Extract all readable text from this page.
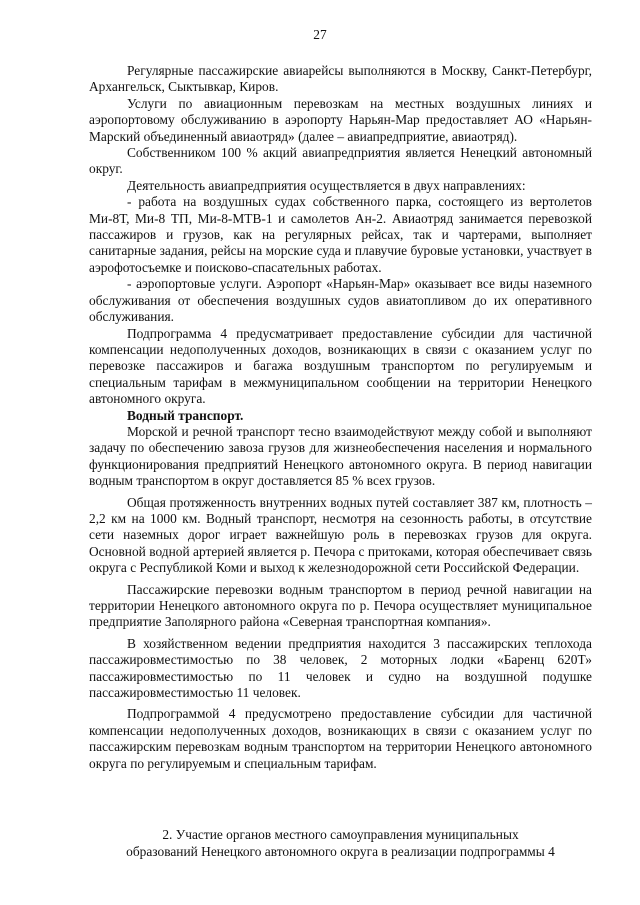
27

Регулярные пассажирские авиарейсы выполняются в Москву, Санкт-Петербург, Архангельск, Сыктывкар, Киров.

Услуги по авиационным перевозкам на местных воздушных линиях и аэропортовому обслуживанию в аэропорту Нарьян-Мар предоставляет АО «Нарьян-Марский объединенный авиаотряд» (далее – авиапредприятие, авиаотряд).

Собственником 100 % акций авиапредприятия является Ненецкий автономный округ.

Деятельность авиапредприятия осуществляется в двух направлениях:

- работа на воздушных судах собственного парка, состоящего из вертолетов Ми-8Т, Ми-8 ТП, Ми-8-МТВ-1 и самолетов Ан-2. Авиаотряд занимается перевозкой пассажиров и грузов, как на регулярных рейсах, так и чартерами, выполняет санитарные задания, рейсы на морские суда и плавучие буровые установки, участвует в аэрофотосъемке и поисково-спасательных работах.

- аэропортовые услуги. Аэропорт «Нарьян-Мар» оказывает все виды наземного обслуживания от обеспечения воздушных судов авиатопливом до их оперативного обслуживания.

Подпрограмма 4 предусматривает предоставление субсидии для частичной компенсации недополученных доходов, возникающих в связи с оказанием услуг по перевозке пассажиров и багажа воздушным транспортом по регулируемым и специальным тарифам в межмуниципальном сообщении на территории Ненецкого автономного округа.

Водный транспорт.

Морской и речной транспорт тесно взаимодействуют между собой и выполняют задачу по обеспечению завоза грузов для жизнеобеспечения населения и нормального функционирования предприятий Ненецкого автономного округа. В период навигации водным транспортом в округ доставляется 85 % всех грузов.

Общая протяженность внутренних водных путей составляет 387 км, плотность – 2,2 км на 1000 км. Водный транспорт, несмотря на сезонность работы, в отсутствие сети наземных дорог играет важнейшую роль в перевозках грузов для округа. Основной водной артерией является р. Печора с притоками, которая обеспечивает связь округа с Республикой Коми и выход к железнодорожной сети Российской Федерации.

Пассажирские перевозки водным транспортом в период речной навигации на территории Ненецкого автономного округа по р. Печора осуществляет муниципальное предприятие Заполярного района «Северная транспортная компания».

В хозяйственном ведении предприятия находится 3 пассажирских теплохода пассажировместимостью по 38 человек, 2 моторных лодки «Баренц 620Т» пассажировместимостью по 11 человек и судно на воздушной подушке пассажировместимостью 11 человек.

Подпрограммой 4 предусмотрено предоставление субсидии для частичной компенсации недополученных доходов, возникающих в связи с оказанием услуг по пассажирским перевозкам водным транспортом на территории Ненецкого автономного округа по регулируемым и специальным тарифам.

2. Участие органов местного самоуправления муниципальных
образований Ненецкого автономного округа в реализации подпрограммы 4
